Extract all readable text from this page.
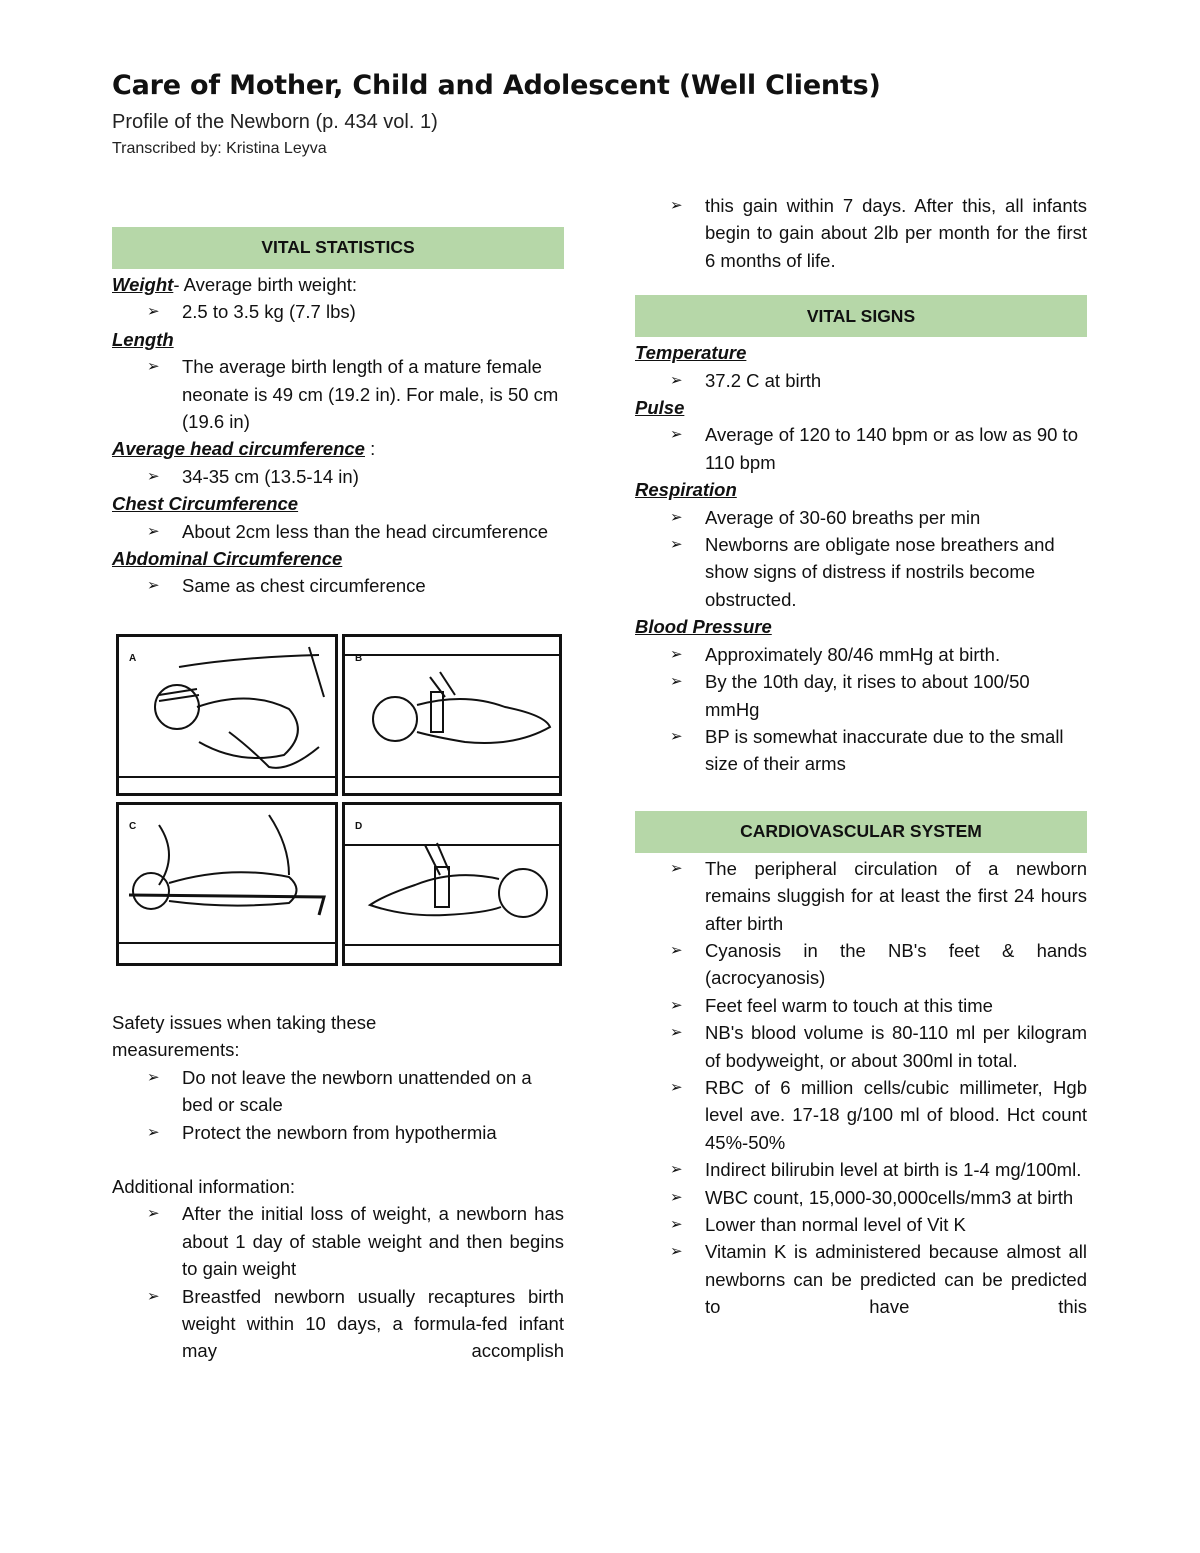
Care of Mother, Child and Adolescent (Well Clients)
Profile of the Newborn (p. 434 vol. 1)
Transcribed by: Kristina Leyva
VITAL STATISTICS

Weight- Average birth weight:

➢ 2.5 to 3.5 kg (7.7 lbs)

Length

➢ The average birth length of a mature female neonate is 49 cm (19.2 in). For male, is 50 cm (19.6 in)

Average head circumference :

➢ 34-35 cm (13.5-14 in)

Chest Circumference

➢ About 2cm less than the head circumference

Abdominal Circumference

➢ Same as chest circumference
A	B
C	D

Safety issues when taking these measurements:

➢ Do not leave the newborn unattended on a bed or scale
➢ Protect the newborn from hypothermia

Additional information:

➢ After the initial loss of weight, a newborn has about 1 day of stable weight and then begins to gain weight
➢ Breastfed newborn usually recaptures birth weight within 10 days, a formula-fed infant may accomplish
➢ this gain within 7 days. After this, all infants begin to gain about 2lb per month for the first 6 months of life.
VITAL SIGNS

Temperature

➢ 37.2 C at birth

Pulse

➢ Average of 120 to 140 bpm or as low as 90 to 110 bpm

Respiration

➢ Average of 30-60 breaths per min
➢ Newborns are obligate nose breathers and show signs of distress if nostrils become obstructed.

Blood Pressure

➢ Approximately 80/46 mmHg at birth.
➢ By the 10th day, it rises to about 100/50 mmHg
➢ BP is somewhat inaccurate due to the small size of their arms
CARDIOVASCULAR SYSTEM
➢ The peripheral circulation of a newborn remains sluggish for at least the first 24 hours after birth
➢ Cyanosis in the NB's feet & hands (acrocyanosis)
➢ Feet feel warm to touch at this time
➢ NB's blood volume is 80-110 ml per kilogram of bodyweight, or about 300ml in total.
➢ RBC of 6 million cells/cubic millimeter, Hgb level ave. 17-18 g/100 ml of blood. Hct count 45%-50%
➢ Indirect bilirubin level at birth is 1-4 mg/100ml.
➢ WBC count, 15,000-30,000cells/mm3 at birth
➢ Lower than normal level of Vit K
➢ Vitamin K is administered because almost all newborns can be predicted can be predicted to have this
